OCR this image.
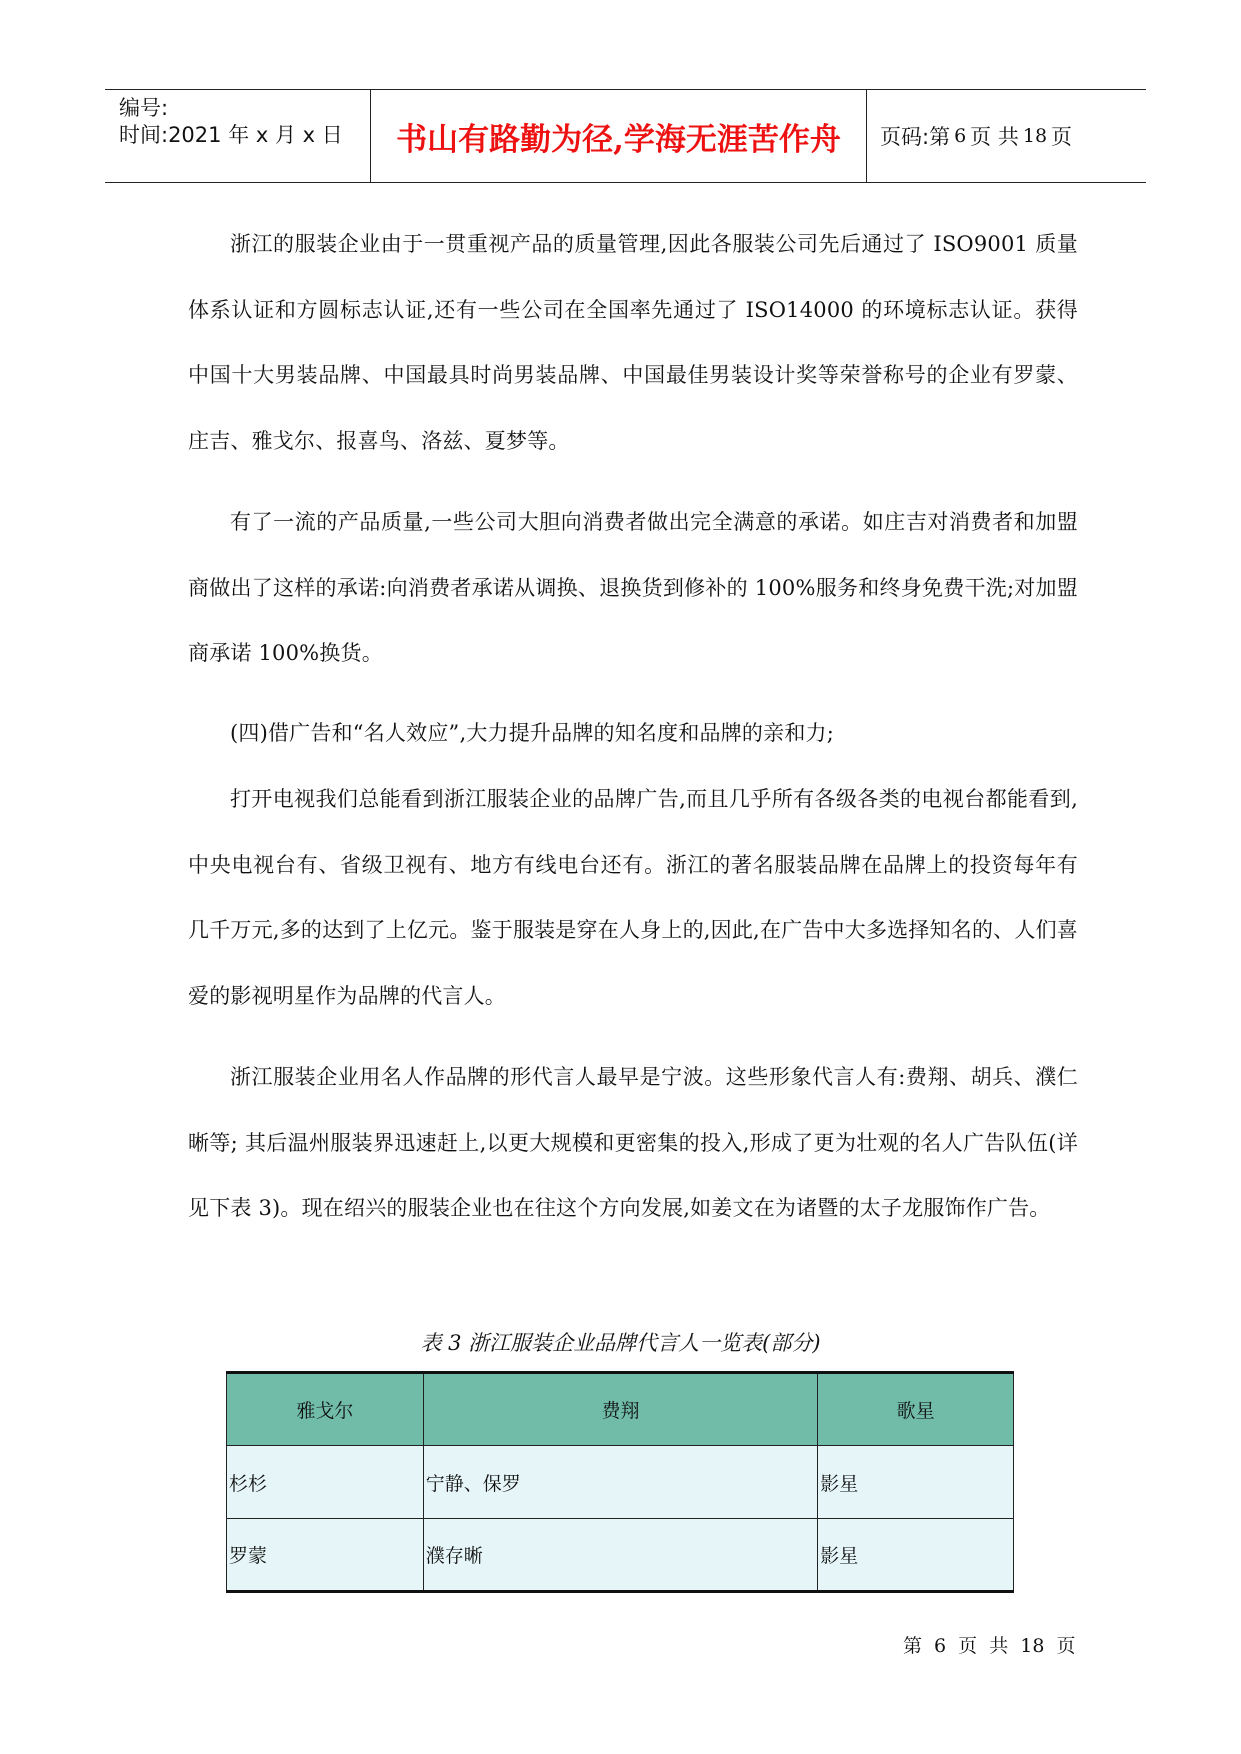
编号:
时间:2021 年 x 月 x 日	书山有路勤为径,学海无涯苦作舟	页码:第 6 页 共 18 页

浙江的服装企业由于一贯重视产品的质量管理,因此各服装公司先后通过了 ISO9001 质量体系认证和方圆标志认证,还有一些公司在全国率先通过了 ISO14000 的环境标志认证。获得中国十大男装品牌、中国最具时尚男装品牌、中国最佳男装设计奖等荣誉称号的企业有罗蒙、庄吉、雅戈尔、报喜鸟、洛兹、夏梦等。

有了一流的产品质量,一些公司大胆向消费者做出完全满意的承诺。如庄吉对消费者和加盟商做出了这样的承诺:向消费者承诺从调换、退换货到修补的 100%服务和终身免费干洗;对加盟商承诺 100%换货。

(四)借广告和“名人效应”,大力提升品牌的知名度和品牌的亲和力;

打开电视我们总能看到浙江服装企业的品牌广告,而且几乎所有各级各类的电视台都能看到,中央电视台有、省级卫视有、地方有线电台还有。浙江的著名服装品牌在品牌上的投资每年有几千万元,多的达到了上亿元。鉴于服装是穿在人身上的,因此,在广告中大多选择知名的、人们喜爱的影视明星作为品牌的代言人。

浙江服装企业用名人作品牌的形代言人最早是宁波。这些形象代言人有:费翔、胡兵、濮仁晰等; 其后温州服装界迅速赶上,以更大规模和更密集的投入,形成了更为壮观的名人广告队伍(详见下表 3)。现在绍兴的服装企业也在往这个方向发展,如姜文在为诸暨的太子龙服饰作广告。

表 3 浙江服装企业品牌代言人一览表(部分)
雅戈尔	费翔	歌星
杉杉	宁静、保罗	影星
罗蒙	濮存晰	影星
第 6 页 共 18 页
